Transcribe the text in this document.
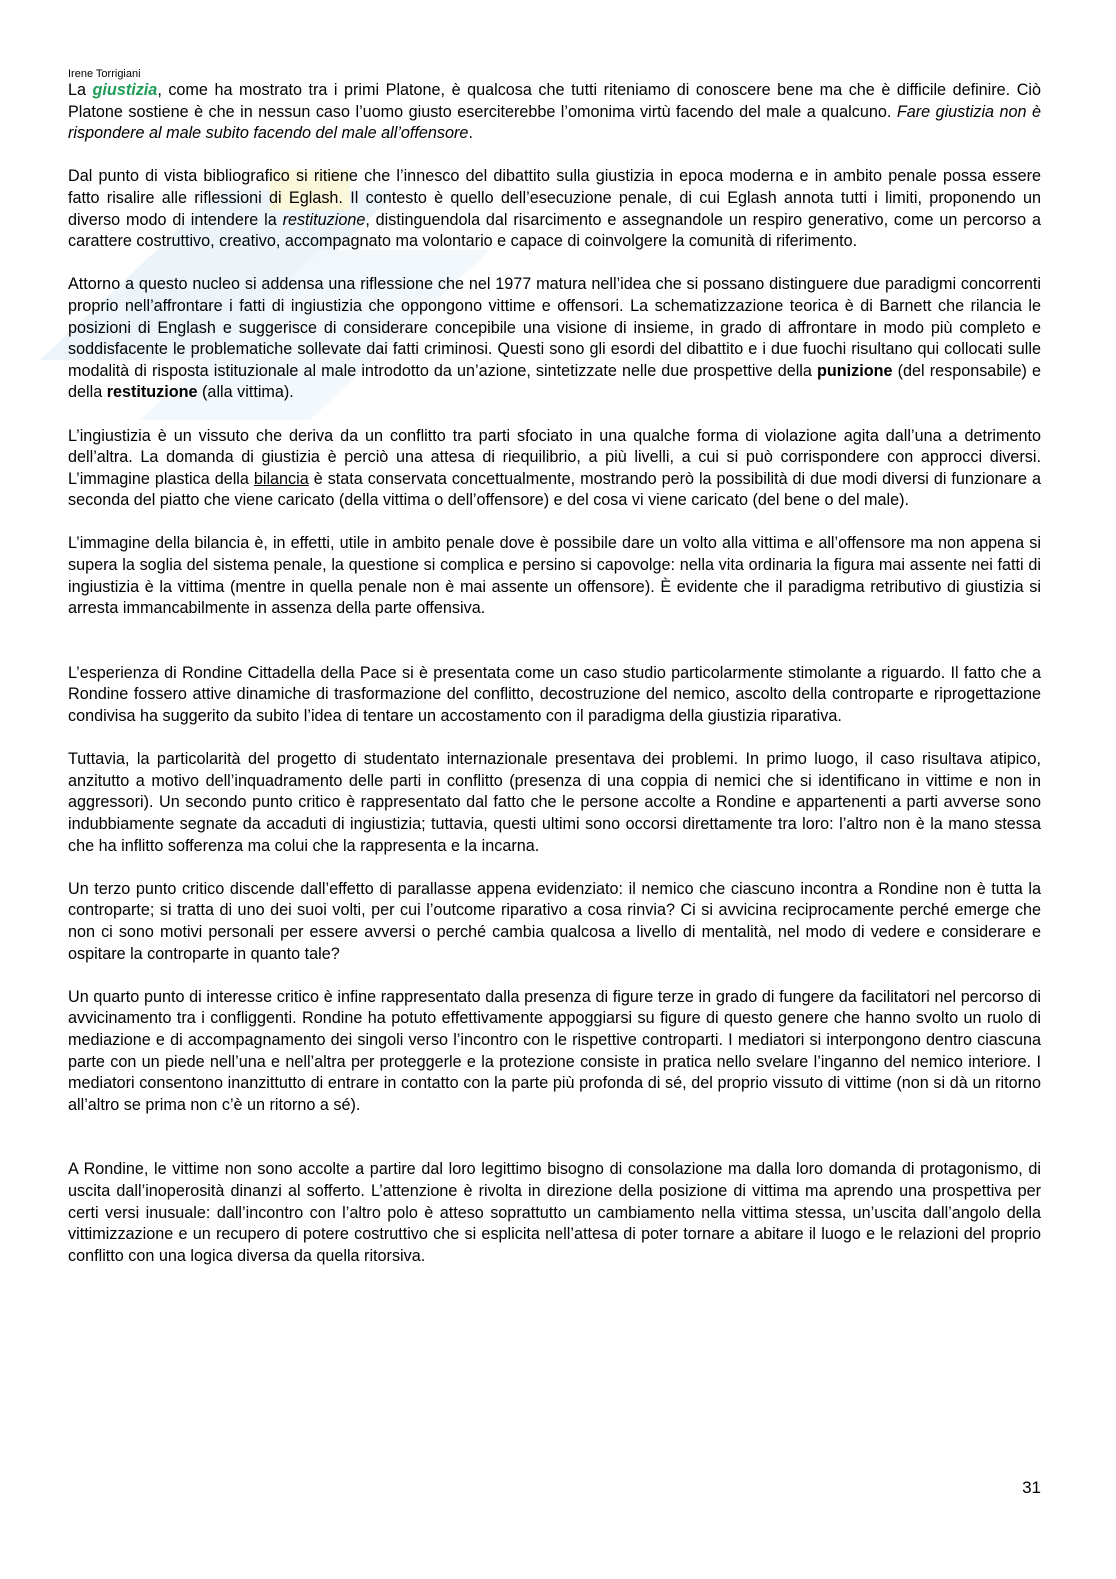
Irene Torrigiani

La giustizia, come ha mostrato tra i primi Platone, è qualcosa che tutti riteniamo di conoscere bene ma che è difficile definire. Ciò Platone sostiene è che in nessun caso l’uomo giusto eserciterebbe l’omonima virtù facendo del male a qualcuno. Fare giustizia non è rispondere al male subito facendo del male all’offensore.

Dal punto di vista bibliografico si ritiene che l’innesco del dibattito sulla giustizia in epoca moderna e in ambito penale possa essere fatto risalire alle riflessioni di Eglash. Il contesto è quello dell’esecuzione penale, di cui Eglash annota tutti i limiti, proponendo un diverso modo di intendere la restituzione, distinguendola dal risarcimento e assegnandole un respiro generativo, come un percorso a carattere costruttivo, creativo, accompagnato ma volontario e capace di coinvolgere la comunità di riferimento.

Attorno a questo nucleo si addensa una riflessione che nel 1977 matura nell’idea che si possano distinguere due paradigmi concorrenti proprio nell’affrontare i fatti di ingiustizia che oppongono vittime e offensori. La schematizzazione teorica è di Barnett che rilancia le posizioni di Englash e suggerisce di considerare concepibile una visione di insieme, in grado di affrontare in modo più completo e soddisfacente le problematiche sollevate dai fatti criminosi. Questi sono gli esordi del dibattito e i due fuochi risultano qui collocati sulle modalità di risposta istituzionale al male introdotto da un’azione, sintetizzate nelle due prospettive della punizione (del responsabile) e della restituzione (alla vittima).

L’ingiustizia è un vissuto che deriva da un conflitto tra parti sfociato in una qualche forma di violazione agita dall’una a detrimento dell’altra. La domanda di giustizia è perciò una attesa di riequilibrio, a più livelli, a cui si può corrispondere con approcci diversi. L’immagine plastica della bilancia è stata conservata concettualmente, mostrando però la possibilità di due modi diversi di funzionare a seconda del piatto che viene caricato (della vittima o dell’offensore) e del cosa vi viene caricato (del bene o del male).

L’immagine della bilancia è, in effetti, utile in ambito penale dove è possibile dare un volto alla vittima e all’offensore ma non appena si supera la soglia del sistema penale, la questione si complica e persino si capovolge: nella vita ordinaria la figura mai assente nei fatti di ingiustizia è la vittima (mentre in quella penale non è mai assente un offensore). È evidente che il paradigma retributivo di giustizia si arresta immancabilmente in assenza della parte offensiva.

L’esperienza di Rondine Cittadella della Pace si è presentata come un caso studio particolarmente stimolante a riguardo. Il fatto che a Rondine fossero attive dinamiche di trasformazione del conflitto, decostruzione del nemico, ascolto della controparte e riprogettazione condivisa ha suggerito da subito l’idea di tentare un accostamento con il paradigma della giustizia riparativa.

Tuttavia, la particolarità del progetto di studentato internazionale presentava dei problemi. In primo luogo, il caso risultava atipico, anzitutto a motivo dell’inquadramento delle parti in conflitto (presenza di una coppia di nemici che si identificano in vittime e non in aggressori). Un secondo punto critico è rappresentato dal fatto che le persone accolte a Rondine e appartenenti a parti avverse sono indubbiamente segnate da accaduti di ingiustizia; tuttavia, questi ultimi sono occorsi direttamente tra loro: l’altro non è la mano stessa che ha inflitto sofferenza ma colui che la rappresenta e la incarna.

Un terzo punto critico discende dall’effetto di parallasse appena evidenziato: il nemico che ciascuno incontra a Rondine non è tutta la controparte; si tratta di uno dei suoi volti, per cui l’outcome riparativo a cosa rinvia? Ci si avvicina reciprocamente perché emerge che non ci sono motivi personali per essere avversi o perché cambia qualcosa a livello di mentalità, nel modo di vedere e considerare e ospitare la controparte in quanto tale?

Un quarto punto di interesse critico è infine rappresentato dalla presenza di figure terze in grado di fungere da facilitatori nel percorso di avvicinamento tra i confliggenti. Rondine ha potuto effettivamente appoggiarsi su figure di questo genere che hanno svolto un ruolo di mediazione e di accompagnamento dei singoli verso l’incontro con le rispettive controparti. I mediatori si interpongono dentro ciascuna parte con un piede nell’una e nell’altra per proteggerle e la protezione consiste in pratica nello svelare l’inganno del nemico interiore. I mediatori consentono inanzittutto di entrare in contatto con la parte più profonda di sé, del proprio vissuto di vittime (non si dà un ritorno all’altro se prima non c’è un ritorno a sé).

A Rondine, le vittime non sono accolte a partire dal loro legittimo bisogno di consolazione ma dalla loro domanda di protagonismo, di uscita dall’inoperosità dinanzi al sofferto. L’attenzione è rivolta in direzione della posizione di vittima ma aprendo una prospettiva per certi versi inusuale: dall’incontro con l’altro polo è atteso soprattutto un cambiamento nella vittima stessa, un’uscita dall’angolo della vittimizzazione e un recupero di potere costruttivo che si esplicita nell’attesa di poter tornare a abitare il luogo e le relazioni del proprio conflitto con una logica diversa da quella ritorsiva.

31
